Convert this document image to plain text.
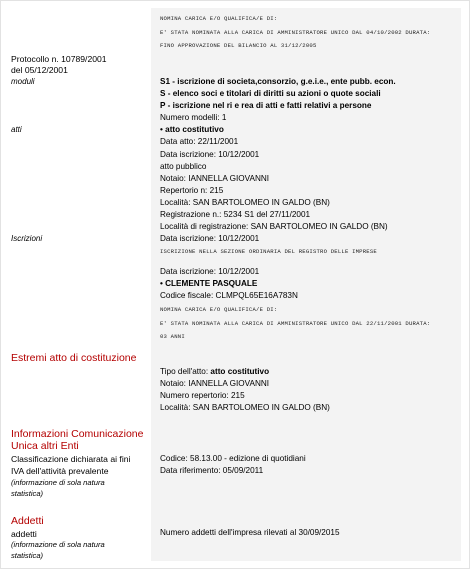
NOMINA CARICA E/O QUALIFICA/E DI:
E' STATA NOMINATA ALLA CARICA DI AMMINISTRATORE UNICO DAL 04/10/2002 DURATA:
FINO APPROVAZIONE DEL BILANCIO AL 31/12/2005
Protocollo n. 10789/2001
del 05/12/2001
moduli	S1 - iscrizione di societa,consorzio, g.e.i.e., ente pubb. econ.
S - elenco soci e titolari di diritti su azioni o quote sociali
P - iscrizione nel ri e rea di atti e fatti relativi a persone
Numero modelli: 1
atti	• atto costitutivo
Data atto: 22/11/2001
Data iscrizione: 10/12/2001
atto pubblico
Notaio: IANNELLA GIOVANNI
Repertorio n: 215
Località: SAN BARTOLOMEO IN GALDO (BN)
Registrazione n.: 5234 S1 del 27/11/2001
Località di registrazione: SAN BARTOLOMEO IN GALDO (BN)
Iscrizioni	Data iscrizione: 10/12/2001
ISCRIZIONE NELLA SEZIONE ORDINARIA DEL REGISTRO DELLE IMPRESE
Data iscrizione: 10/12/2001
• CLEMENTE PASQUALE
Codice fiscale: CLMPQL65E16A783N
NOMINA CARICA E/O QUALIFICA/E DI:
E' STATA NOMINATA ALLA CARICA DI AMMINISTRATORE UNICO DAL 22/11/2001 DURATA:
03 ANNI
Estremi atto di costituzione
Tipo dell'atto: atto costitutivo
Notaio: IANNELLA GIOVANNI
Numero repertorio: 215
Località: SAN BARTOLOMEO IN GALDO (BN)
Informazioni Comunicazione
Unica altri Enti
Classificazione dichiarata ai fini
IVA dell'attività prevalente
(informazione di sola natura
statistica)
Codice: 58.13.00 - edizione di quotidiani
Data riferimento: 05/09/2011
Addetti
addetti
(informazione di sola natura
statistica)
Numero addetti dell'impresa rilevati al 30/09/2015
